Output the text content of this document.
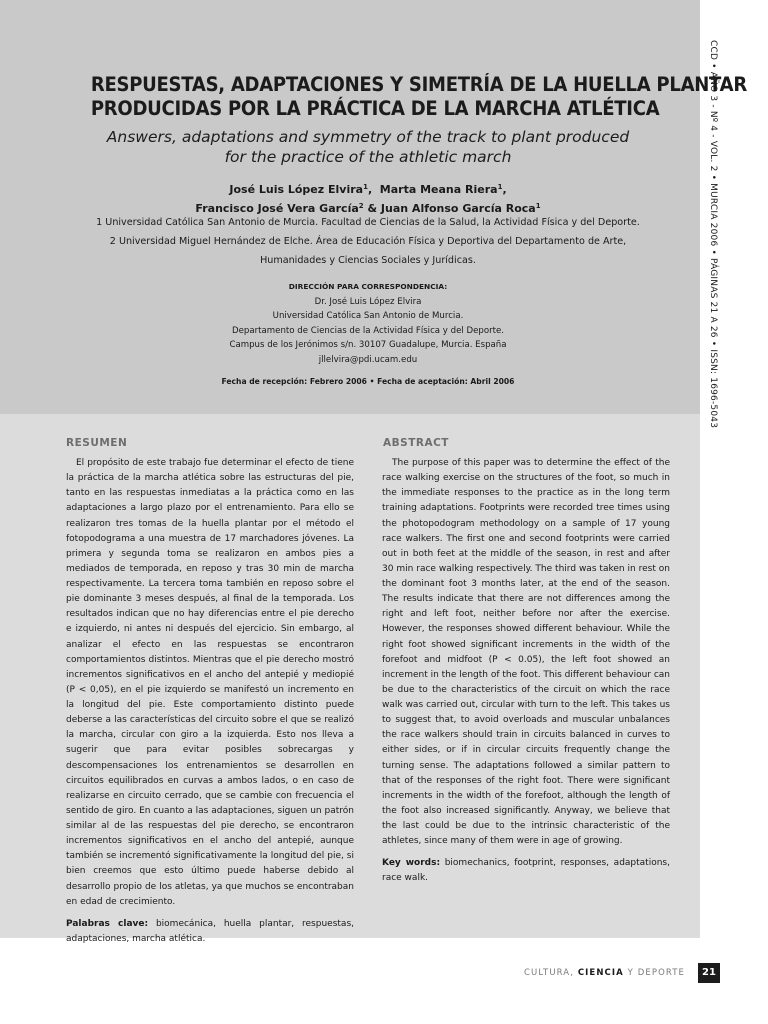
RESPUESTAS, ADAPTACIONES Y SIMETRÍA DE LA HUELLA PLANTAR
PRODUCIDAS POR LA PRÁCTICA DE LA MARCHA ATLÉTICA
Answers, adaptations and symmetry of the track to plant produced
for the practice of the athletic march
José Luis López Elvira$^1$,  Marta Meana Riera$^1$,
Francisco José Vera García$^2$ & Juan Alfonso García Roca$^1$
1 Universidad Católica San Antonio de Murcia. Facultad de Ciencias de la Salud, la Actividad Física y del Deporte.
2 Universidad Miguel Hernández de Elche. Área de Educación Física y Deportiva del Departamento de Arte,
Humanidades y Ciencias Sociales y Jurídicas.
DIRECCIÓN PARA CORRESPONDENCIA:
Dr. José Luis López Elvira
Universidad Católica San Antonio de Murcia.
Departamento de Ciencias de la Actividad Física y del Deporte.
Campus de los Jerónimos s/n. 30107 Guadalupe, Murcia. España
jllelvira@pdi.ucam.edu
Fecha de recepción: Febrero 2006 • Fecha de aceptación: Abril 2006	CCD • AÑO 3 - Nº 4 - VOL. 2 • MURCIA 2006 • PÁGINAS 21 A 26 • ISSN: 1696-5043
RESUMEN	ABSTRACT

El propósito de este trabajo fue determinar el efecto de tiene la práctica de la marcha atlética sobre las estructuras del pie, tanto en las respuestas inmediatas a la práctica como en las adaptaciones a largo plazo por el entrenamiento. Para ello se realizaron tres tomas de la huella plantar por el método el fotopodograma a una muestra de 17 marchadores jóvenes. La primera y segunda toma se realizaron en ambos pies a mediados de temporada, en reposo y tras 30 min de marcha respectivamente. La tercera toma también en reposo sobre el pie dominante 3 meses después, al final de la temporada. Los resultados indican que no hay diferencias entre el pie derecho e izquierdo, ni antes ni después del ejercicio. Sin embargo, al analizar el efecto en las respuestas se encontraron comportamientos distintos. Mientras que el pie derecho mostró incrementos significativos en el ancho del antepié y mediopié (P < 0,05), en el pie izquierdo se manifestó un incremento en la longitud del pie. Este comportamiento distinto puede deberse a las características del circuito sobre el que se realizó la marcha, circular con giro a la izquierda. Esto nos lleva a sugerir que para evitar posibles sobrecargas y descompensaciones los entrenamientos se desarrollen en circuitos equilibrados en curvas a ambos lados, o en caso de realizarse en circuito cerrado, que se cambie con frecuencia el sentido de giro. En cuanto a las adaptaciones, siguen un patrón similar al de las respuestas del pie derecho, se encontraron incrementos significativos en el ancho del antepié, aunque también se incrementó significativamente la longitud del pie, si bien creemos que esto último puede haberse debido al desarrollo propio de los atletas, ya que muchos se encontraban en edad de crecimiento.

Palabras clave: biomecánica, huella plantar, respuestas, adaptaciones, marcha atlética.

The purpose of this paper was to determine the effect of the race walking exercise on the structures of the foot, so much in the immediate responses to the practice as in the long term training adaptations. Footprints were recorded tree times using the photopodogram methodology on a sample of 17 young race walkers. The first one and second footprints were carried out in both feet at the middle of the season, in rest and after 30 min race walking respectively. The third was taken in rest on the dominant foot 3 months later, at the end of the season. The results indicate that there are not differences among the right and left foot, neither before nor after the exercise. However, the responses showed different behaviour. While the right foot showed significant increments in the width of the forefoot and midfoot (P < 0.05), the left foot showed an increment in the length of the foot. This different behaviour can be due to the characteristics of the circuit on which the race walk was carried out, circular with turn to the left. This takes us to suggest that, to avoid overloads and muscular unbalances the race walkers should train in circuits balanced in curves to either sides, or if in circular circuits frequently change the turning sense. The adaptations followed a similar pattern to that of the responses of the right foot. There were significant increments in the width of the forefoot, although the length of the foot also increased significantly. Anyway, we believe that the last could be due to the intrinsic characteristic of the athletes, since many of them were in age of growing.

Key words: biomechanics, footprint, responses, adaptations, race walk.

CULTURA, CIENCIA Y DEPORTE	21
